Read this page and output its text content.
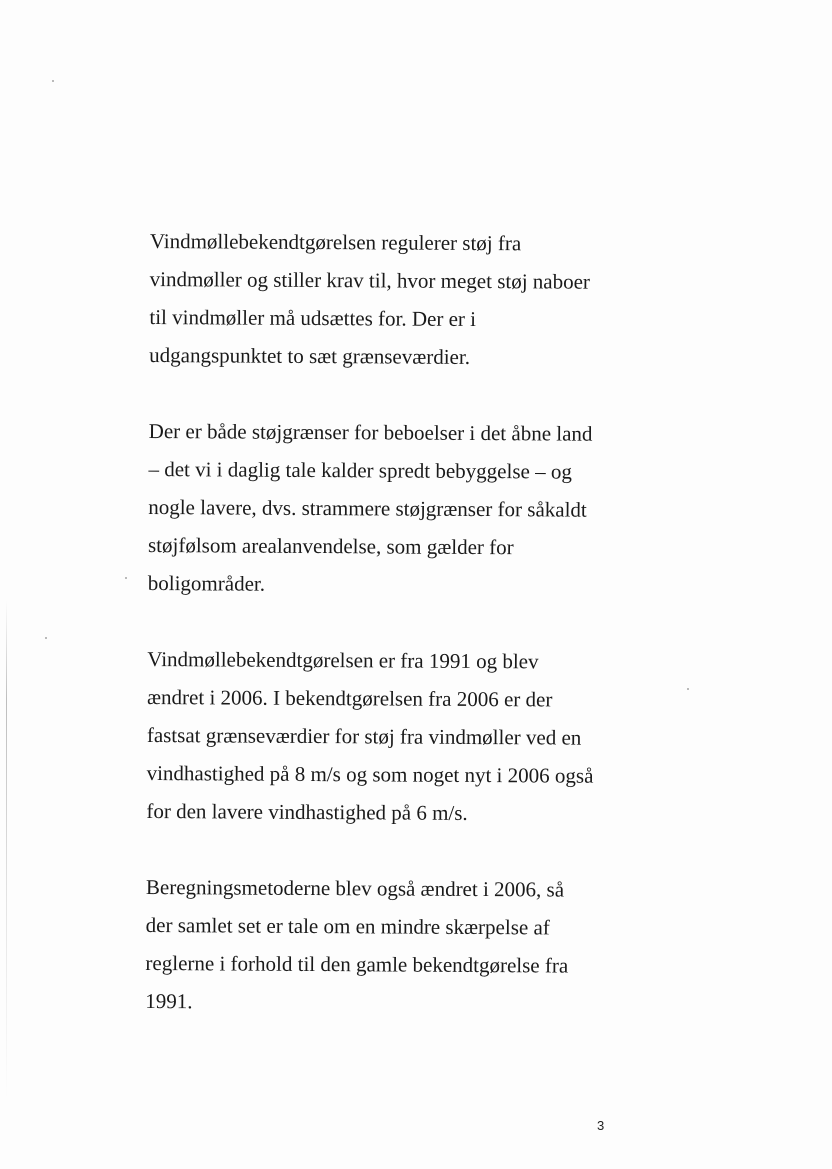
Vindmøllebekendtgørelsen regulerer støj fra
vindmøller og stiller krav til, hvor meget støj naboer
til vindmøller må udsættes for. Der er i
udgangspunktet to sæt grænseværdier.

Der er både støjgrænser for beboelser i det åbne land
– det vi i daglig tale kalder spredt bebyggelse – og
nogle lavere, dvs. strammere støjgrænser for såkaldt
støjfølsom arealanvendelse, som gælder for
boligområder.

Vindmøllebekendtgørelsen er fra 1991 og blev
ændret i 2006. I bekendtgørelsen fra 2006 er der
fastsat grænseværdier for støj fra vindmøller ved en
vindhastighed på 8 m/s og som noget nyt i 2006 også
for den lavere vindhastighed på 6 m/s.

Beregningsmetoderne blev også ændret i 2006, så
der samlet set er tale om en mindre skærpelse af
reglerne i forhold til den gamle bekendtgørelse fra
1991.

3
